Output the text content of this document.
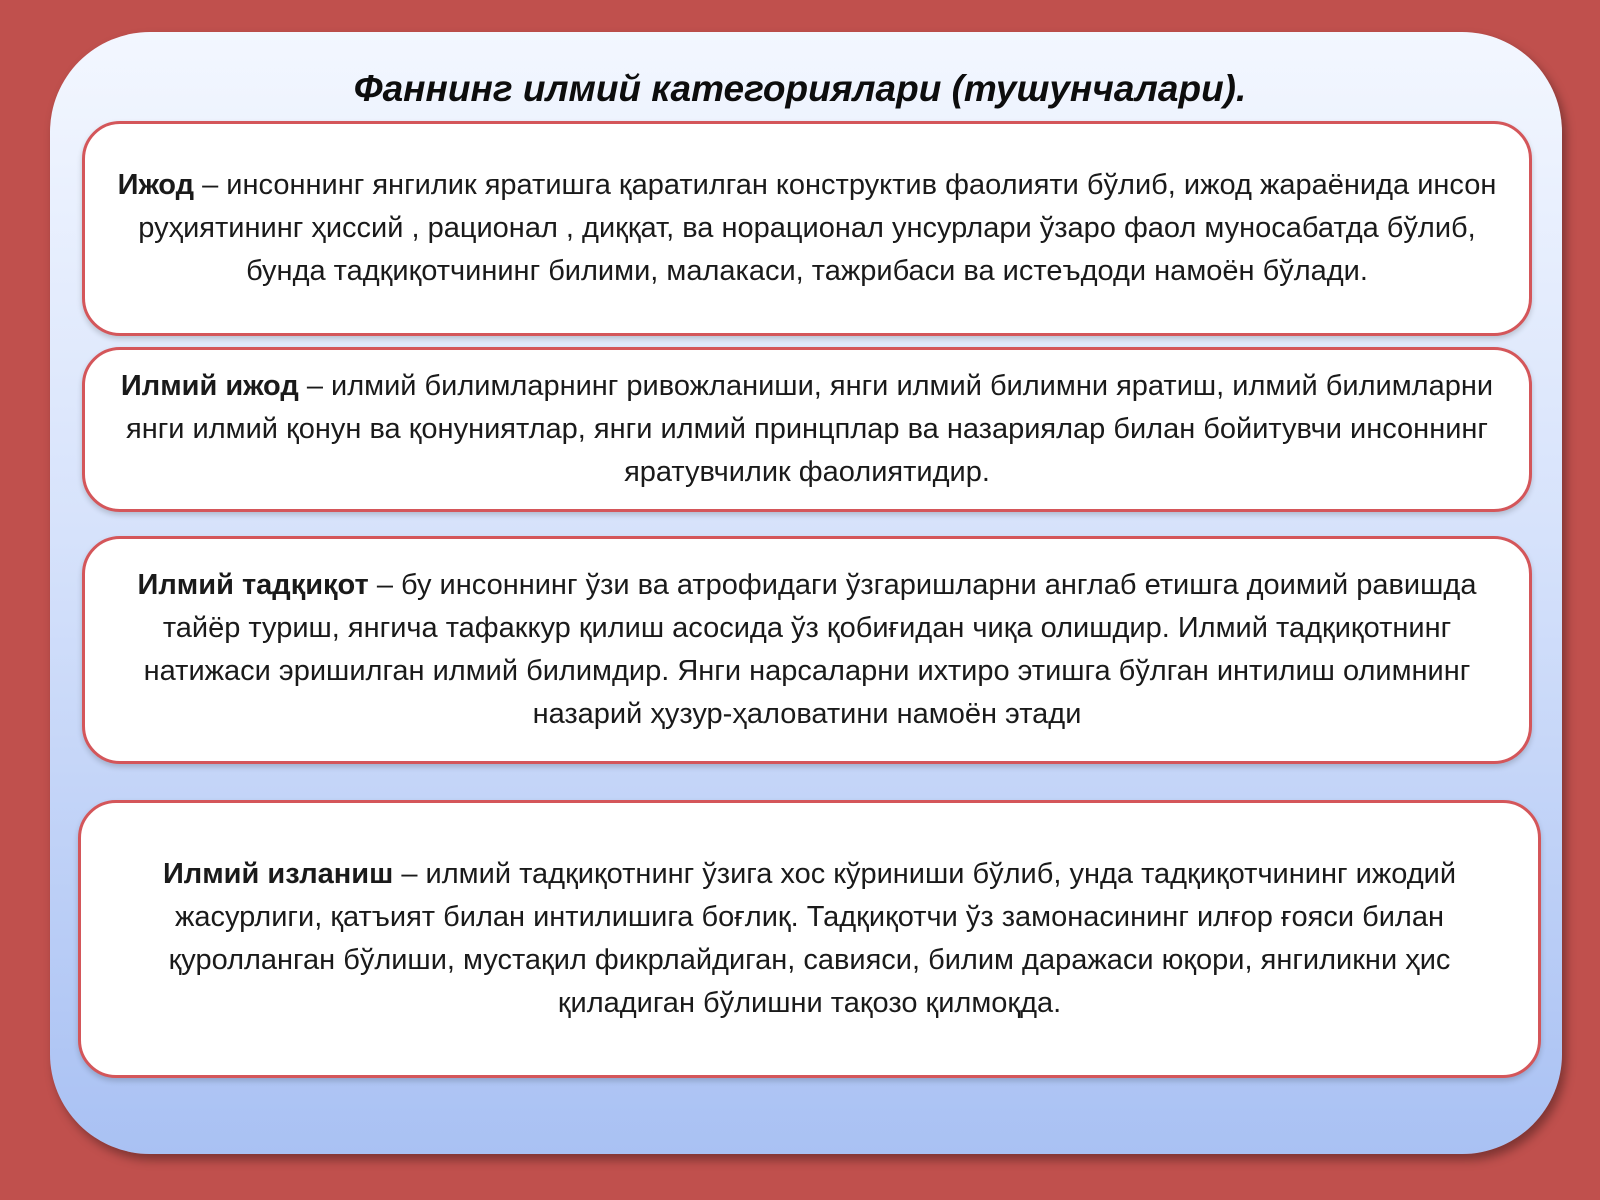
Фаннинг илмий категориялари (тушунчалари).

Ижод – инсоннинг янгилик яратишга қаратилган конструктив фаолияти бўлиб, ижод жараёнида инсон руҳиятининг ҳиссий , рационал , диққат, ва норационал унсурлари ўзаро фаол муносабатда бўлиб, бунда тадқиқотчининг билими, малакаси, тажрибаси ва истеъдоди намоён бўлади.

Илмий ижод – илмий билимларнинг ривожланиши, янги илмий билимни яратиш, илмий билимларни янги илмий қонун ва қонуниятлар, янги илмий принцплар ва назариялар билан бойитувчи инсоннинг яратувчилик фаолиятидир.

Илмий тадқиқот – бу инсоннинг ўзи ва атрофидаги ўзгаришларни англаб етишга доимий равишда тайёр туриш, янгича тафаккур қилиш асосида ўз қобиғидан чиқа олишдир. Илмий тадқиқотнинг натижаси эришилган илмий билимдир. Янги нарсаларни ихтиро этишга бўлган интилиш олимнинг назарий ҳузур-ҳаловатини намоён этади

Илмий изланиш – илмий тадқиқотнинг ўзига хос кўриниши бўлиб, унда тадқиқотчининг ижодий жасурлиги, қатъият билан интилишига боғлиқ. Тадқиқотчи ўз замонасининг илғор ғояси билан қуролланган бўлиши, мустақил фикрлайдиган, савияси, билим даражаси юқори, янгиликни ҳис қиладиган бўлишни тақозо қилмоқда.
